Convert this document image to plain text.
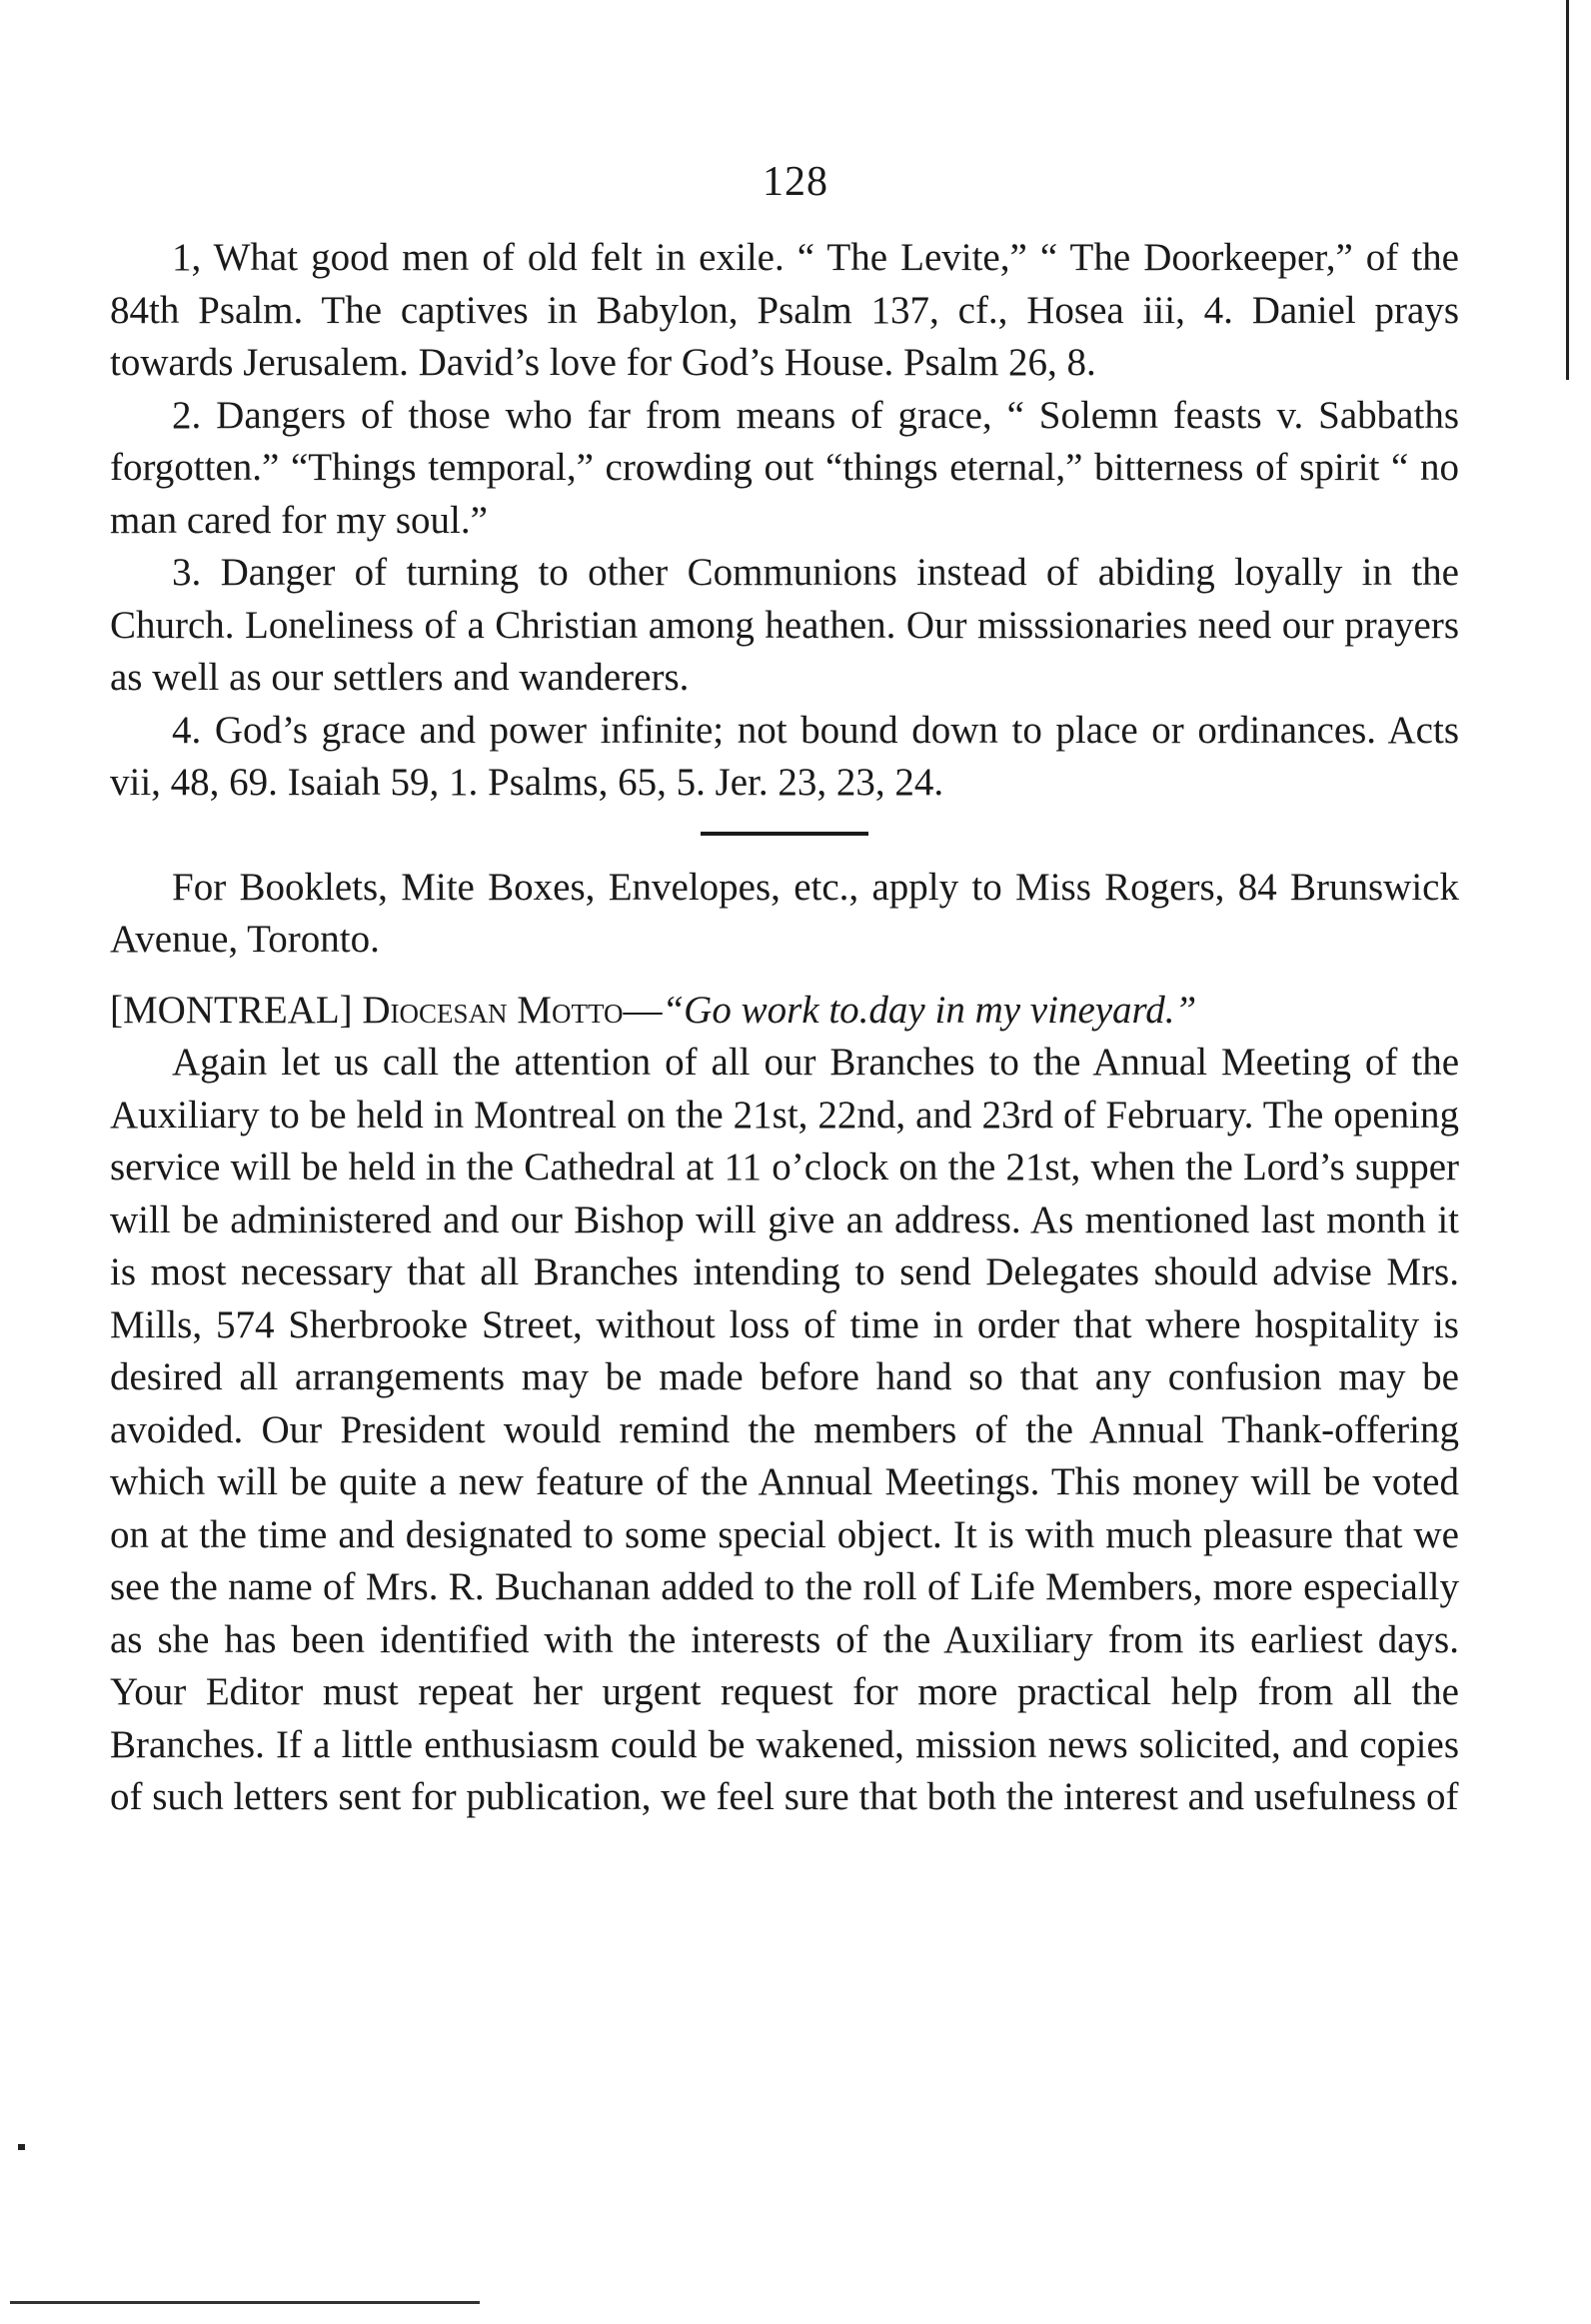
128

1, What good men of old felt in exile. “ The Levite,” “ The Doorkeeper,” of the 84th Psalm. The captives in Babylon, Psalm 137, cf., Hosea iii, 4. Daniel prays towards Jerusalem. David’s love for God’s House. Psalm 26, 8.

2. Dangers of those who far from means of grace, “ Solemn feasts v. Sabbaths forgotten.” “Things temporal,” crowding out “things eternal,” bitterness of spirit “ no man cared for my soul.”

3. Danger of turning to other Communions instead of abiding loyally in the Church. Loneliness of a Christian among heathen. Our misssionaries need our prayers as well as our settlers and wanderers.

4. God’s grace and power infinite; not bound down to place or ordinances. Acts vii, 48, 69. Isaiah 59, 1. Psalms, 65, 5. Jer. 23, 23, 24.

For Booklets, Mite Boxes, Envelopes, etc., apply to Miss Rogers, 84 Brunswick Avenue, Toronto.

[MONTREAL] Diocesan Motto—“Go work to.day in my vineyard.”

Again let us call the attention of all our Branches to the Annual Meeting of the Auxiliary to be held in Montreal on the 21st, 22nd, and 23rd of February. The opening service will be held in the Cathedral at 11 o’clock on the 21st, when the Lord’s supper will be administered and our Bishop will give an address. As mentioned last month it is most necessary that all Branches intending to send Delegates should advise Mrs. Mills, 574 Sherbrooke Street, without loss of time in order that where hospitality is desired all arrangements may be made before hand so that any confusion may be avoided. Our President would remind the members of the Annual Thank-offering which will be quite a new feature of the Annual Meetings. This money will be voted on at the time and designated to some special object. It is with much pleasure that we see the name of Mrs. R. Buchanan added to the roll of Life Members, more especially as she has been identified with the interests of the Auxiliary from its earliest days. Your Editor must repeat her urgent request for more practical help from all the Branches. If a little enthusiasm could be wakened, mission news solicited, and copies of such letters sent for publication, we feel sure that both the interest and usefulness of
